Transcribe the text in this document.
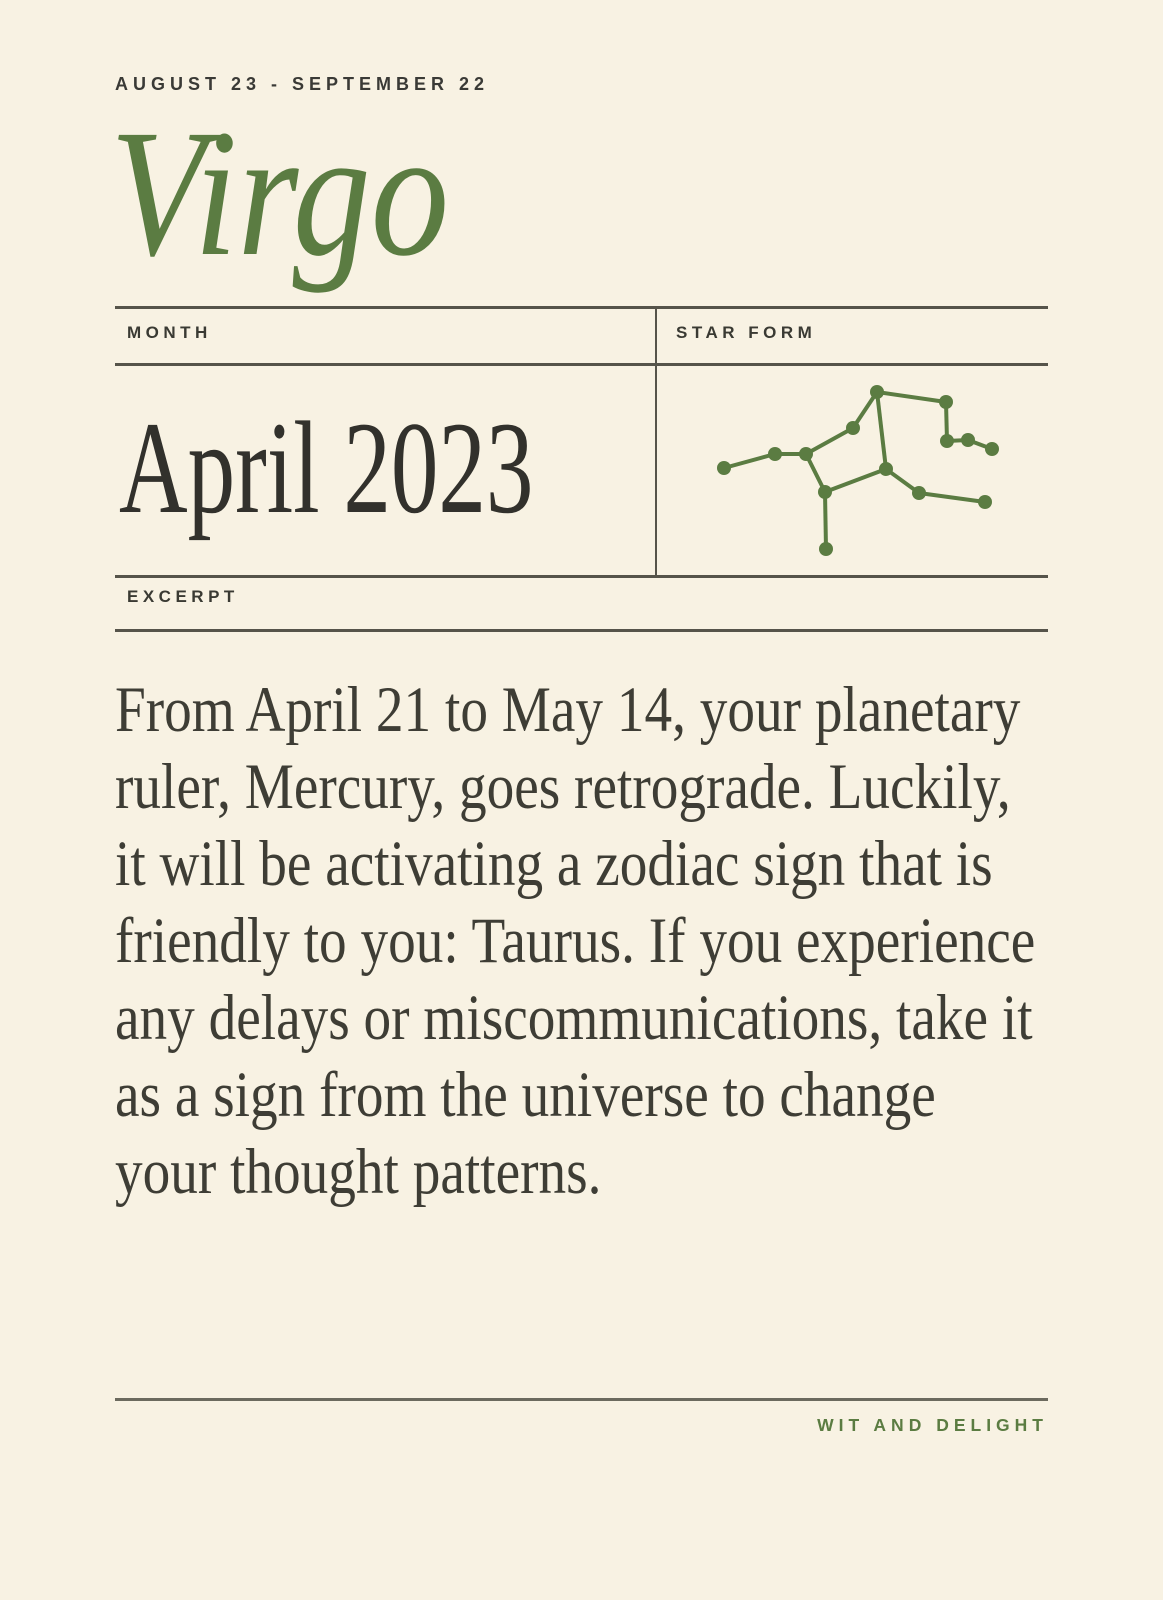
AUGUST 23 - SEPTEMBER 22
Virgo
MONTH	STAR FORM
April 2023
EXCERPT
From April 21 to May 14, your planetary
ruler, Mercury, goes retrograde. Luckily,
it will be activating a zodiac sign that is
friendly to you: Taurus. If you experience
any delays or miscommunications, take it
as a sign from the universe to change
your thought patterns.
WIT AND DELIGHT
